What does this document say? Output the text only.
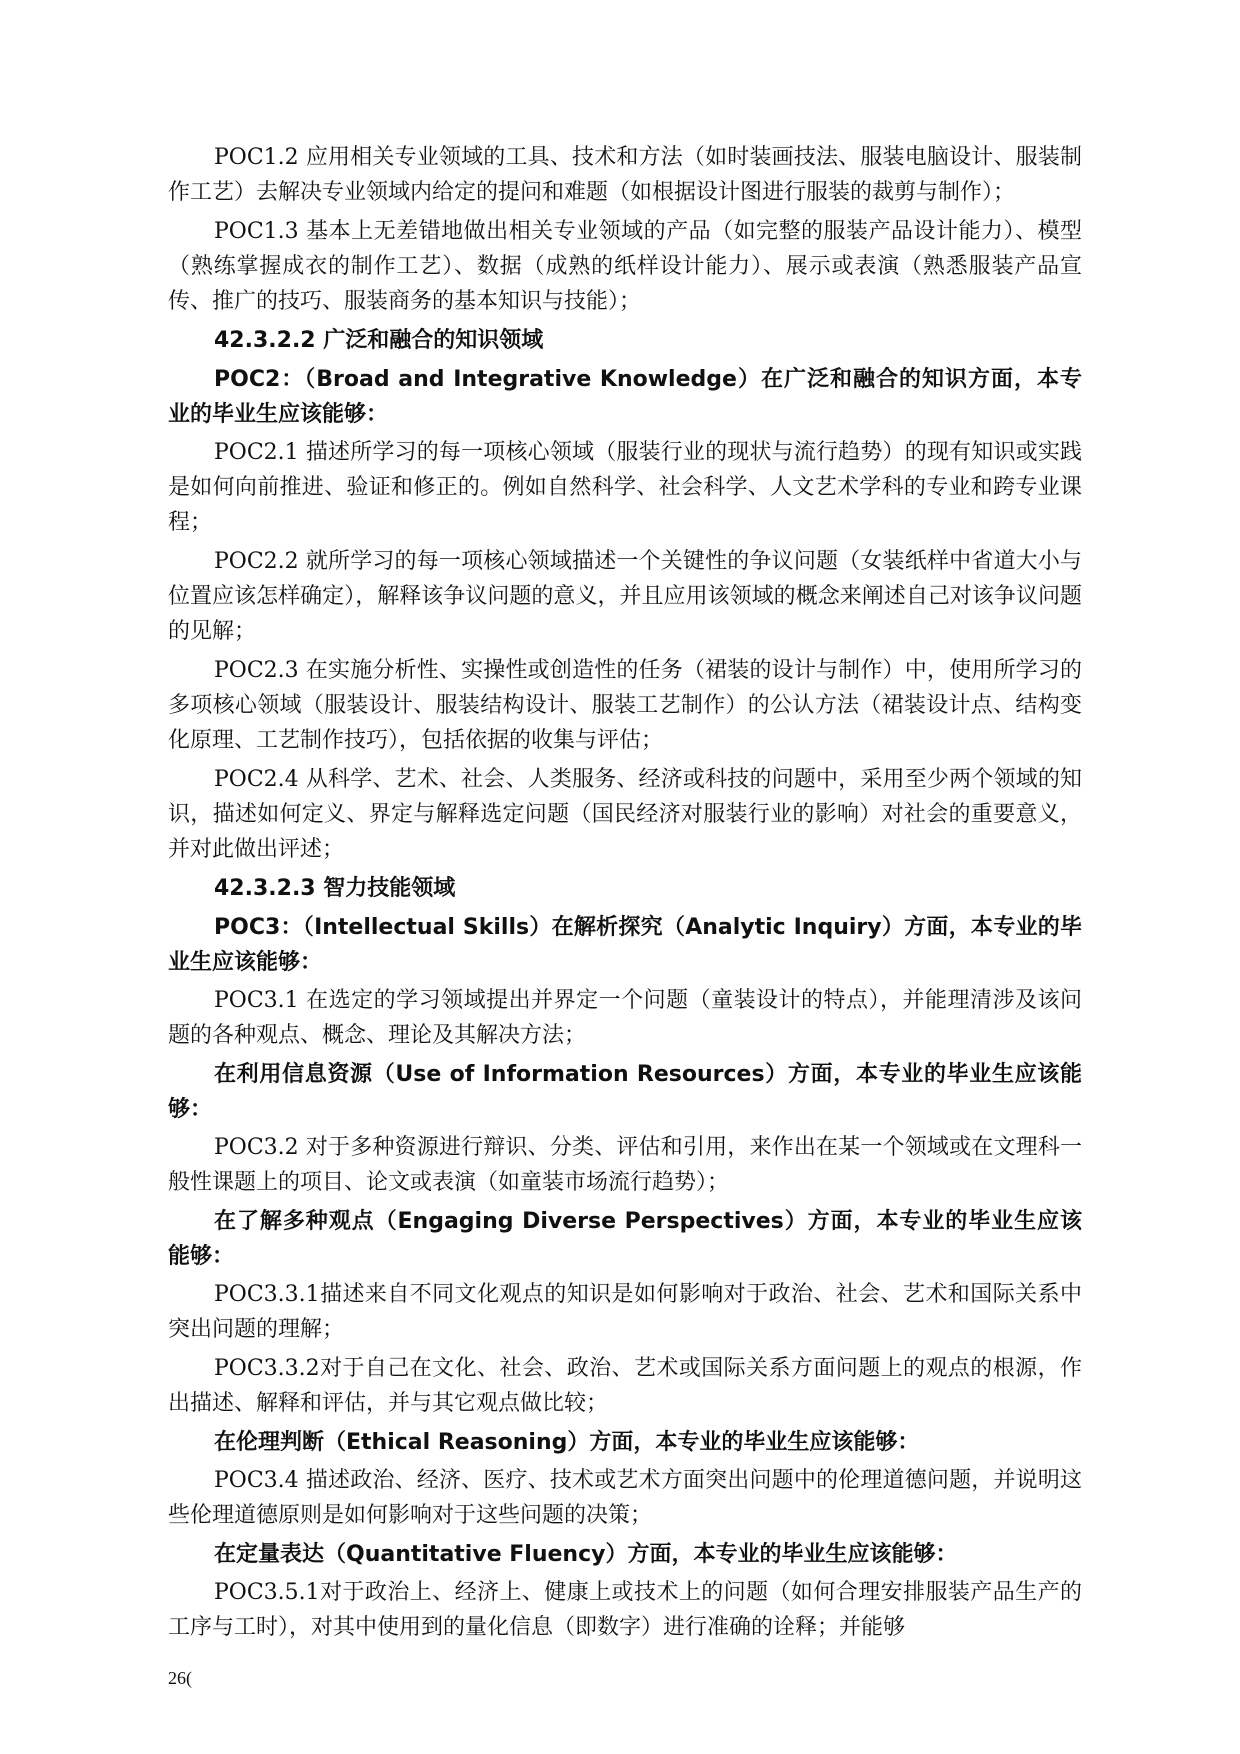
POC1.2 应用相关专业领域的工具、技术和方法（如时装画技法、服装电脑设计、服装制作工艺）去解决专业领域内给定的提问和难题（如根据设计图进行服装的裁剪与制作）；

POC1.3 基本上无差错地做出相关专业领域的产品（如完整的服装产品设计能力）、模型（熟练掌握成衣的制作工艺）、数据（成熟的纸样设计能力）、展示或表演（熟悉服装产品宣传、推广的技巧、服装商务的基本知识与技能）；

42.3.2.2 广泛和融合的知识领域

POC2：（Broad and Integrative Knowledge）在广泛和融合的知识方面，本专业的毕业生应该能够：

POC2.1 描述所学习的每一项核心领域（服装行业的现状与流行趋势）的现有知识或实践是如何向前推进、验证和修正的。例如自然科学、社会科学、人文艺术学科的专业和跨专业课程；

POC2.2 就所学习的每一项核心领域描述一个关键性的争议问题（女装纸样中省道大小与位置应该怎样确定），解释该争议问题的意义，并且应用该领域的概念来阐述自己对该争议问题的见解；

POC2.3 在实施分析性、实操性或创造性的任务（裙装的设计与制作）中，使用所学习的多项核心领域（服装设计、服装结构设计、服装工艺制作）的公认方法（裙装设计点、结构变化原理、工艺制作技巧），包括依据的收集与评估；

POC2.4 从科学、艺术、社会、人类服务、经济或科技的问题中，采用至少两个领域的知识，描述如何定义、界定与解释选定问题（国民经济对服装行业的影响）对社会的重要意义，并对此做出评述；

42.3.2.3 智力技能领域

POC3：（Intellectual Skills）在解析探究（Analytic Inquiry）方面，本专业的毕业生应该能够：

POC3.1 在选定的学习领域提出并界定一个问题（童装设计的特点），并能理清涉及该问题的各种观点、概念、理论及其解决方法；

在利用信息资源（Use of Information Resources）方面，本专业的毕业生应该能够：

POC3.2 对于多种资源进行辩识、分类、评估和引用，来作出在某一个领域或在文理科一般性课题上的项目、论文或表演（如童装市场流行趋势）；

在了解多种观点（Engaging Diverse Perspectives）方面，本专业的毕业生应该能够：

POC3.3.1描述来自不同文化观点的知识是如何影响对于政治、社会、艺术和国际关系中突出问题的理解；

POC3.3.2对于自己在文化、社会、政治、艺术或国际关系方面问题上的观点的根源，作出描述、解释和评估，并与其它观点做比较；

在伦理判断（Ethical Reasoning）方面，本专业的毕业生应该能够：

POC3.4 描述政治、经济、医疗、技术或艺术方面突出问题中的伦理道德问题，并说明这些伦理道德原则是如何影响对于这些问题的决策；

在定量表达（Quantitative Fluency）方面，本专业的毕业生应该能够：

POC3.5.1对于政治上、经济上、健康上或技术上的问题（如何合理安排服装产品生产的工序与工时），对其中使用到的量化信息（即数字）进行准确的诠释；并能够

26(
